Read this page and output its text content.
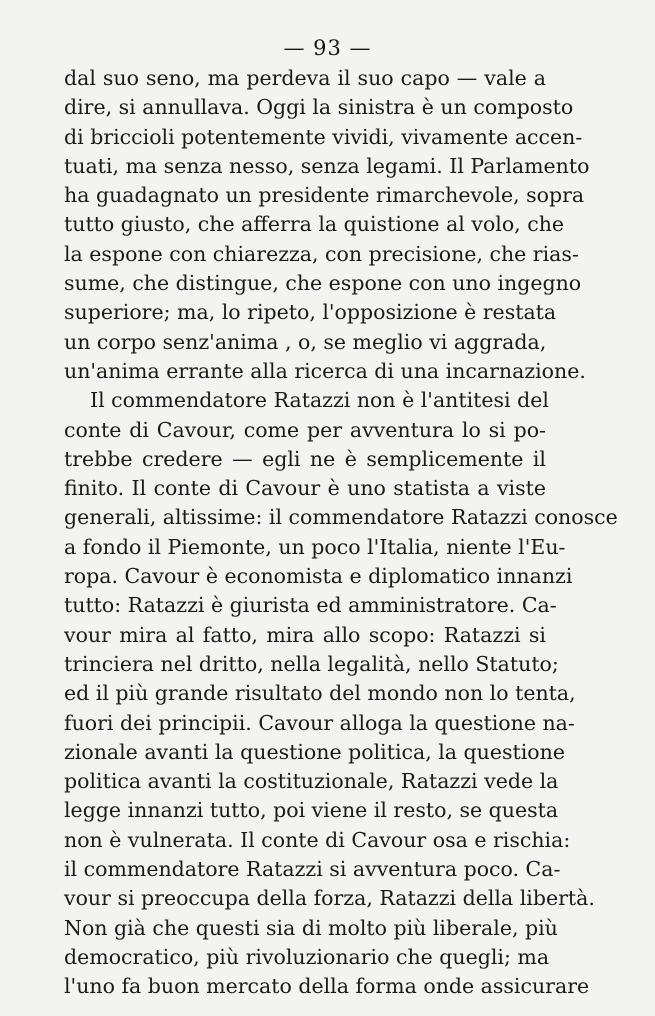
— 93 —
dal suo seno, ma perdeva il suo capo — vale a
dire, si annullava. Oggi la sinistra è un composto
di briccioli potentemente vividi, vivamente accen-
tuati, ma senza nesso, senza legami. Il Parlamento
ha guadagnato un presidente rimarchevole, sopra
tutto giusto, che afferra la quistione al volo, che
la espone con chiarezza, con precisione, che rias-
sume, che distingue, che espone con uno ingegno
superiore; ma, lo ripeto, l'opposizione è restata
un corpo senz'anima , o, se meglio vi aggrada,
un'anima errante alla ricerca di una incarnazione.
Il commendatore Ratazzi non è l'antitesi del
conte di Cavour, come per avventura lo si po-
trebbe credere — egli ne è semplicemente il
finito. Il conte di Cavour è uno statista a viste
generali, altissime: il commendatore Ratazzi conosce
a fondo il Piemonte, un poco l'Italia, niente l'Eu-
ropa. Cavour è economista e diplomatico innanzi
tutto: Ratazzi è giurista ed amministratore. Ca-
vour mira al fatto, mira allo scopo: Ratazzi si
trinciera nel dritto, nella legalità, nello Statuto;
ed il più grande risultato del mondo non lo tenta,
fuori dei principii. Cavour alloga la questione na-
zionale avanti la questione politica, la questione
politica avanti la costituzionale, Ratazzi vede la
legge innanzi tutto, poi viene il resto, se questa
non è vulnerata. Il conte di Cavour osa e rischia:
il commendatore Ratazzi si avventura poco. Ca-
vour si preoccupa della forza, Ratazzi della libertà.
Non già che questi sia di molto più liberale, più
democratico, più rivoluzionario che quegli; ma
l'uno fa buon mercato della forma onde assicurare
